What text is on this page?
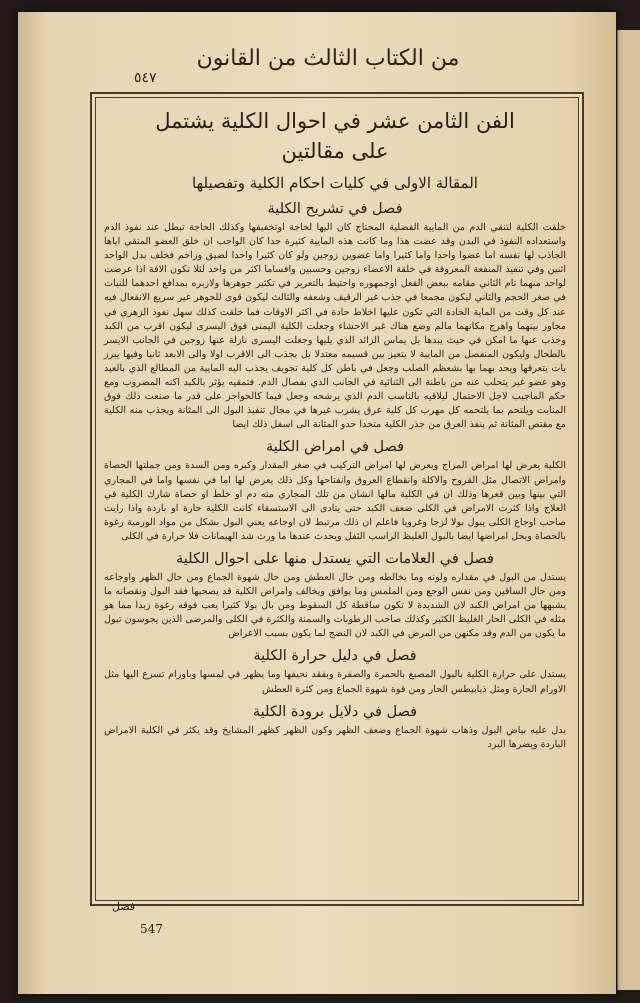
٥٤٧
من الكتاب الثالث من القانون
الفن الثامن عشر في احوال الكلية يشتمل
على مقالتين
المقالة الاولى في كليات احكام الكلية وتفصيلها
فصل في تشريح الكلية
خلقت الكلية لتنقي الدم من المايية الفضلية المحتاج كان اليها لحاجة اوتخفيفها وكذلك الحاجة تبطل عند نفوذ الدم واستعداده النفوذ في البدن وقد عضت هذا وما كانت هذه المايية كثيرة جدا كان الواجب ان خلق العضو المنقي اياها الجاذب لها نفسه اما عضوا واحدا واما كثيرا واما عضوين زوجين ولو كان كثيرا واحدا لضيق وزاحم فخلف بدل الواحد اثنين وفي تنفيذ المنفعة المعروفة في خلقة الاعضاء زوجين وحسبين وافساما اكثر من واحد لئلا تكون الافة اذا عرضت لواحد منهما تام الثاني مقامه ببعض الفعل اوجمهوره واحتيط بالتعريز في تكثير جوهرها ولازبره بمدافع احدهما للنبات في صغر الحجم والثاني ليكون مجمعا في جذب غير الرقيف وشعفه والثالث ليكون قوى للجوهر غير سريع الانفعال فيه عند كل وقت من الماية الحادة التي تكون عليها اخلاط حادة في اكثر الاوقات فما خلقت كذلك سهل نفوذ الزهري في مجاور بينهما واهرج مكانهما مالم وضع هناك غير الاحشاء وجعلت الكلية اليمنى فوق اليسرى ليكون اقرب من الكبد وجذب عنها ما امكن في حيث يبدها بل يماس الزائد الذي يليها وجعلت اليسرى نازلة عنها زوجين في الجانب الايسر بالطحال وليكون المنفصل من المايية لا يتعيز بين قسيمه معتدلا بل بجذب الى الاقرب اولا والى الابعد ثانيا وفيها يبرز يات يتعرقها ويحد بهما بها بشعظم الصلب وجعل في باطن كل كلية تجويف يجذب اليه المايية من المطالع الذي بالعيد وهو عضو غير يتحلب عنه من باطنة الى الثنائية في الجانب الذي بفصال الدم. فتمقيه يؤثر بالكبد اكنه المضروب ومع حكم الماجيب لاجل الاحتمال ليلاقيه بالتاسب الدم الذي يرشحه وجعل فيما كالحواجز على قدر ما صنعت ذلك فوق المنابت ويلتحم بما يلتحمه كل مهرب كل كلية عرق يشرب غيرها في مجال تنفيذ البول الى المثانة ويجذب منه الكلية مع مقتص المثانة ثم ينفذ العرق من جذر الكلية متحدا حدو المثانة الى اسفل ذلك ايضا
فصل في امراض الكلية
الكلية يعرض لها امراض المزاج ويعرض لها امراض التركيب في صغر المقدار وكبره ومن السدة ومن جملتها الحصاة وامراض الاتصال مثل القروح والاكلة وانقطاع العروق وانفتاحها وكل ذلك يعرض لها اما في نفسها واما في المجاري التي بينها وبين قعرها وذلك ان في الكلية مالها انشان من تلك المجاري منه دم او خلط او حصاة شارك الكلية في العلاج واذا كثرت الامراض في الكلى ضعف الكبد حتى يتادى الى الاستسقاء كانت الكلية حارة او باردة واذا رايت صاحب اوجاع الكلى يبول بولا لزجا وغرويا فاعلم ان ذلك مرتبط لان اوجاعه يعني البول بشكل من مواد الورمية رغوة بالحصاة ويحل امراضها ايضا بالبول الغليظ الراسب الثفل ويحدث عندها ما ورث شد الهيمانات فلا حرارة في الكلى
فصل في العلامات التي يستدل منها على احوال الكلية
يستدل من البول في مقداره ولونه وما يخالطه ومن حال العطش ومن حال شهوة الجماع ومن حال الظهر واوجاعه ومن حال الساقين ومن نفس الوجع ومن الملمس وما يوافق ويخالف وامراض الكلية قد يصحبها فقد البول ونقصانه ما يشبهها من امراض الكبد لان الشديدة لا تكون ساقطة كل السقوط ومن بال بولا كثيرا يعب فوقه رغوة زبدا مما هو مثله في الكلى الحار الغليظ الكثير وكذلك صاحب الرطوبات والسمنة والكثرة في الكلى والمرضى الذين يجوسون تبول ما يكون من الدم وقد مكنهن من المرض في الكبد لان النضج لما يكون بسبب الاعراض
فصل في دليل حرارة الكلية
يستدل على حرارة الكلية بالبول المصبغ بالحمرة والصفرة وبفقد نحيفها وما يظهر في لمسها وباورام تسرع اليها مثل الاورام الحارة ومثل ذيابيطس الحار ومن قوة شهوة الجماع ومن كثرة العطش
فصل في دلايل برودة الكلية
يدل عليه بياض البول وذهاب شهوة الجماع وضعف الظهر وكون الظهر كظهر المشايخ وقد يكثر في الكلية الامراض الباردة ويضرها البرد
فصل
547
